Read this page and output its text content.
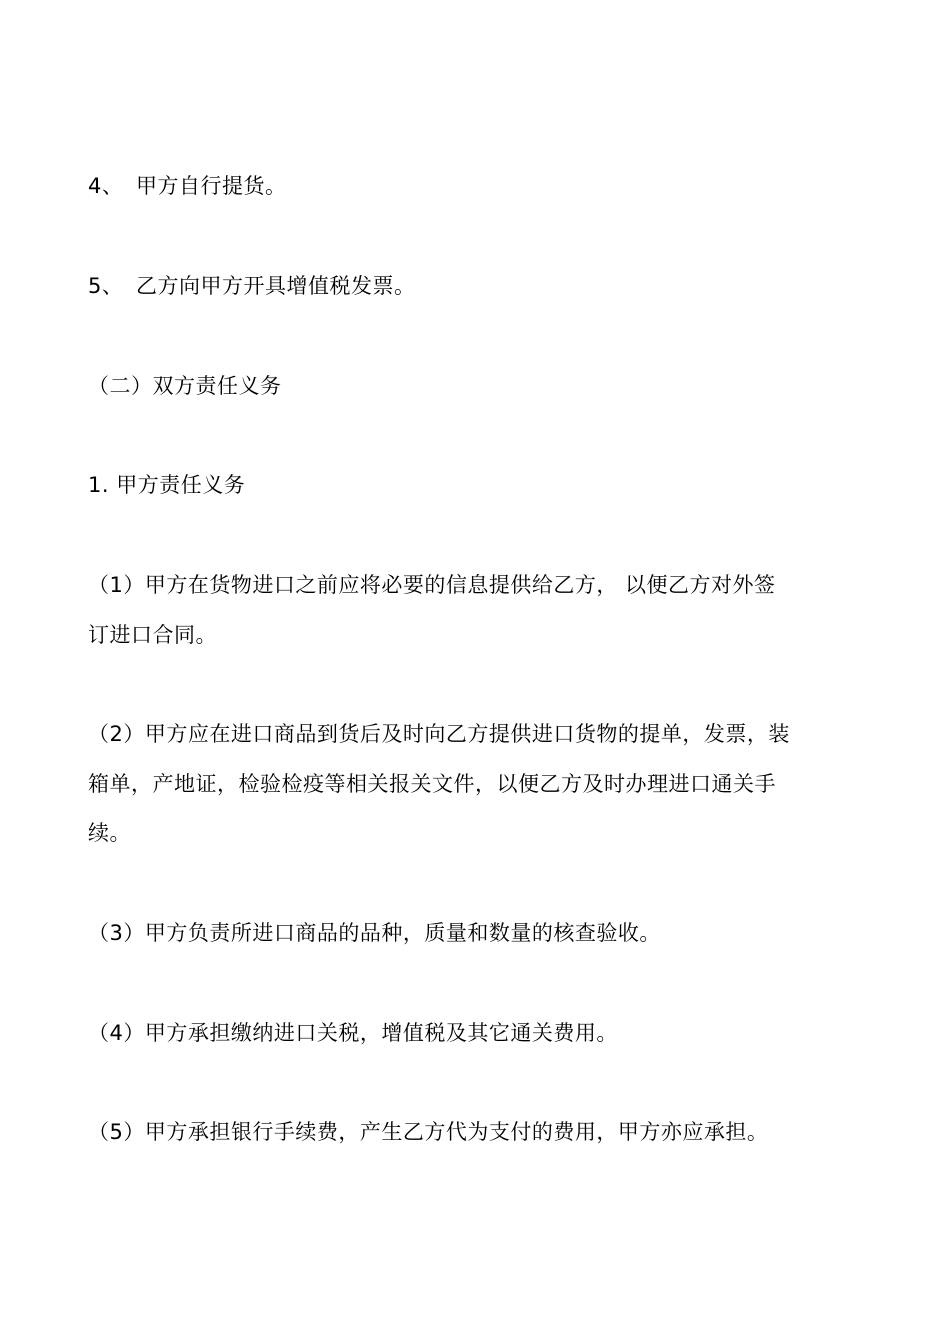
4、 甲方自行提货。
5、 乙方向甲方开具增值税发票。
（二）双方责任义务
1. 甲方责任义务
（1）甲方在货物进口之前应将必要的信息提供给乙方， 以便乙方对外签
订进口合同。
（2）甲方应在进口商品到货后及时向乙方提供进口货物的提单，发票，装
箱单，产地证，检验检疫等相关报关文件，以便乙方及时办理进口通关手
续。
（3）甲方负责所进口商品的品种，质量和数量的核查验收。
（4）甲方承担缴纳进口关税，增值税及其它通关费用。
（5）甲方承担银行手续费，产生乙方代为支付的费用，甲方亦应承担。
